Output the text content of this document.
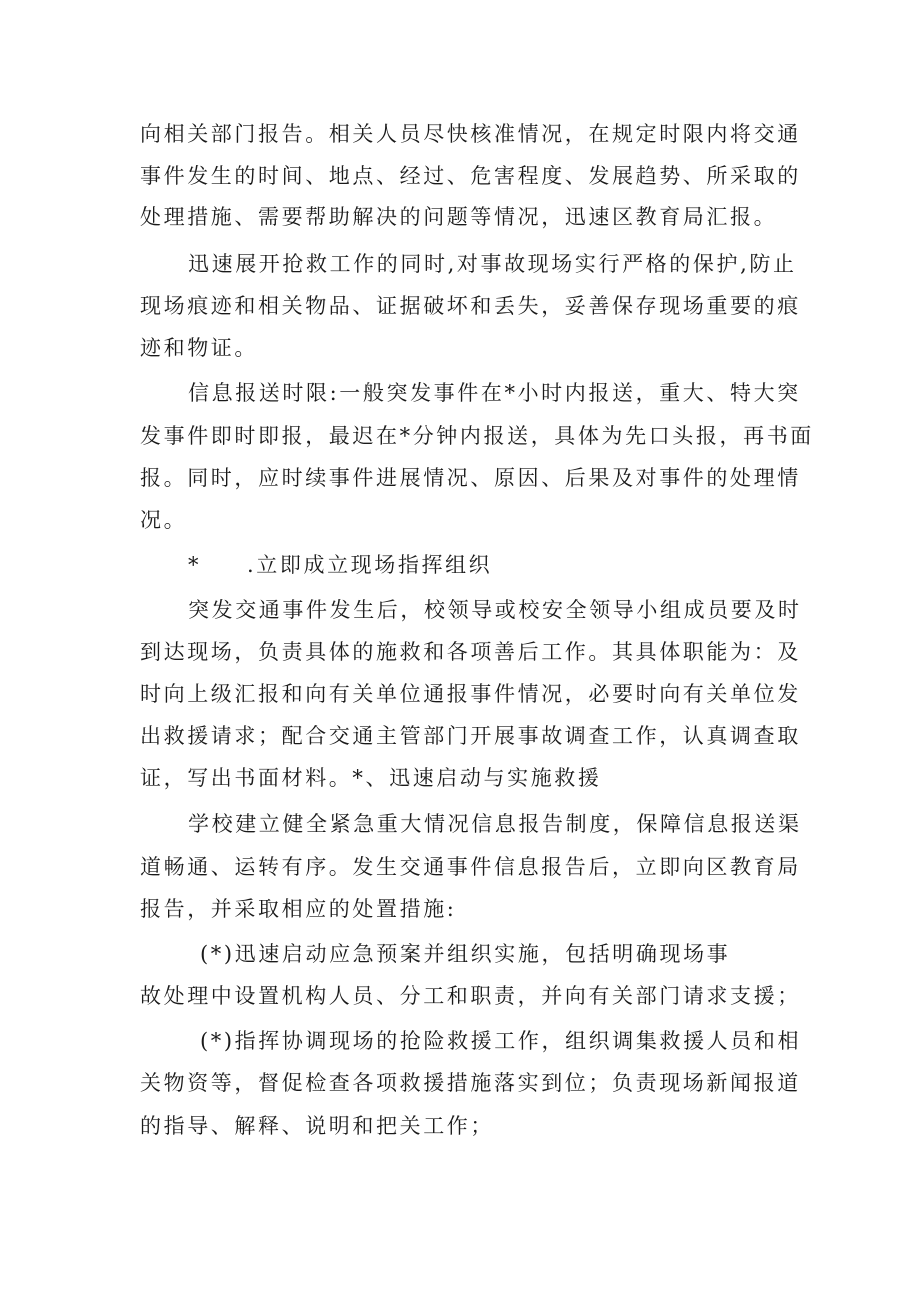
向相关部门报告。相关人员尽快核准情况，在规定时限内将交通
事件发生的时间、地点、经过、危害程度、发展趋势、所采取的
处理措施、需要帮助解决的问题等情况，迅速区教育局汇报。
迅速展开抢救工作的同时,对事故现场实行严格的保护,防止
现场痕迹和相关物品、证据破坏和丢失，妥善保存现场重要的痕
迹和物证。
信息报送时限:一般突发事件在*小时内报送，重大、特大突
发事件即时即报，最迟在*分钟内报送，具体为先口头报，再书面
报。同时，应时续事件进展情况、原因、后果及对事件的处理情
况。
* .立即成立现场指挥组织
突发交通事件发生后，校领导或校安全领导小组成员要及时
到达现场，负责具体的施救和各项善后工作。其具体职能为：及
时向上级汇报和向有关单位通报事件情况，必要时向有关单位发
出救援请求；配合交通主管部门开展事故调查工作，认真调查取
证，写出书面材料。*、迅速启动与实施救援
学校建立健全紧急重大情况信息报告制度，保障信息报送渠
道畅通、运转有序。发生交通事件信息报告后，立即向区教育局
报告，并采取相应的处置措施:
(*)迅速启动应急预案并组织实施，包括明确现场事
故处理中设置机构人员、分工和职责，并向有关部门请求支援；
(*)指挥协调现场的抢险救援工作，组织调集救援人员和相
关物资等，督促检查各项救援措施落实到位；负责现场新闻报道
的指导、解释、说明和把关工作；
